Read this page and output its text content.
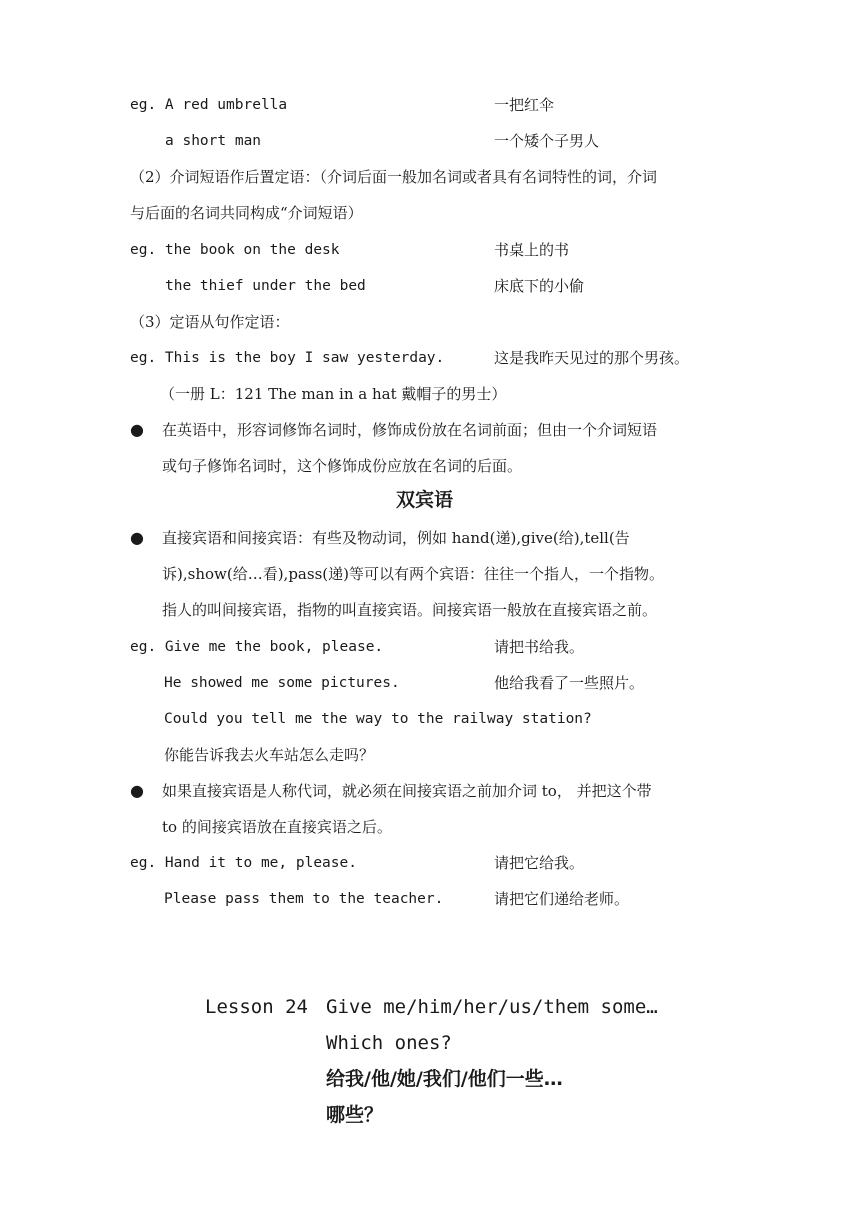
eg. A red umbrella	一把红伞
a short man	一个矮个子男人
（2）介词短语作后置定语：（介词后面一般加名词或者具有名词特性的词，介词
与后面的名词共同构成“介词短语）
eg. the book on the desk	书桌上的书
the thief under the bed	床底下的小偷
（3）定语从句作定语：
eg. This is the boy I saw yesterday.	这是我昨天见过的那个男孩。
（一册 L：121 The man in a hat 戴帽子的男士）
● 在英语中，形容词修饰名词时，修饰成份放在名词前面；但由一个介词短语
或句子修饰名词时，这个修饰成份应放在名词的后面。
双宾语
● 直接宾语和间接宾语：有些及物动词，例如 hand(递),give(给),tell(告
诉),show(给…看),pass(递)等可以有两个宾语：往往一个指人，一个指物。
指人的叫间接宾语，指物的叫直接宾语。间接宾语一般放在直接宾语之前。
eg. Give me the book, please.	请把书给我。
He showed me some pictures.	他给我看了一些照片。
Could you tell me the way to the railway station?
你能告诉我去火车站怎么走吗？
● 如果直接宾语是人称代词，就必须在间接宾语之前加介词 to， 并把这个带
to 的间接宾语放在直接宾语之后。
eg. Hand it to me, please.	请把它给我。
Please pass them to the teacher.	请把它们递给老师。
Lesson 24 Give me/him/her/us/them some…
Which ones?
给我/他/她/我们/他们一些…
哪些？
